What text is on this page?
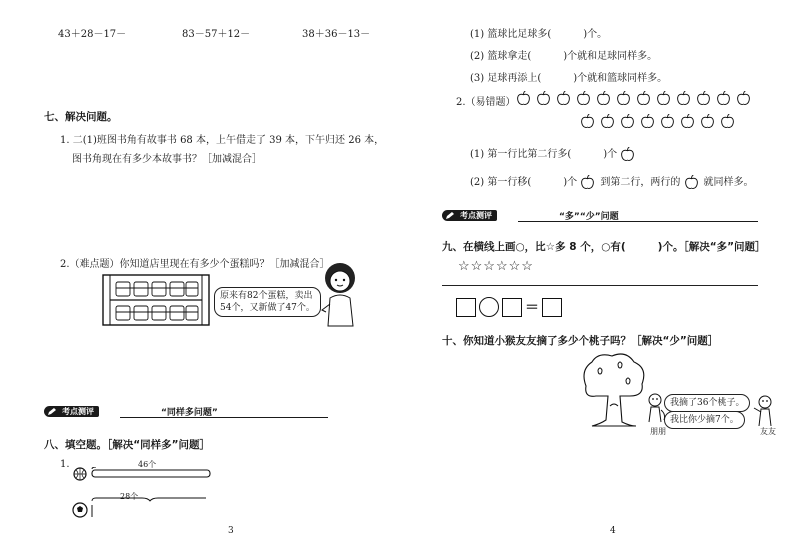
43＋28－17－	83－57＋12－	38＋36－13－
七、解决问题。
1. 二(1)班图书角有故事书 68 本，上午借走了 39 本，下午归还 26 本，
图书角现在有多少本故事书？［加减混合］
2.（难点题）你知道店里现在有多少个蛋糕吗？［加减混合］
原来有82个蛋糕，卖出
54个，又新做了47个。
考点测评	“同样多问题”
八、填空题。［解决“同样多”问题］
1.	46个
28个
3
(1) 篮球比足球多(	)个。
(2) 篮球拿走(	)个就和足球同样多。
(3) 足球再添上(	)个就和篮球同样多。
2.（易错题）
(1) 第一行比第二行多(	)个
(2) 第一行移(	)个 到第二行，两行的 就同样多。
考点测评	“多”“少”问题
九、在横线上画○，比☆多 8 个，○有(	)个。［解决“多”问题］
☆☆☆☆☆☆
＝
十、你知道小猴友友摘了多少个桃子吗？［解决“少”问题］
我摘了36个桃子。
我比你少摘7个。
朋朋	友友
4
